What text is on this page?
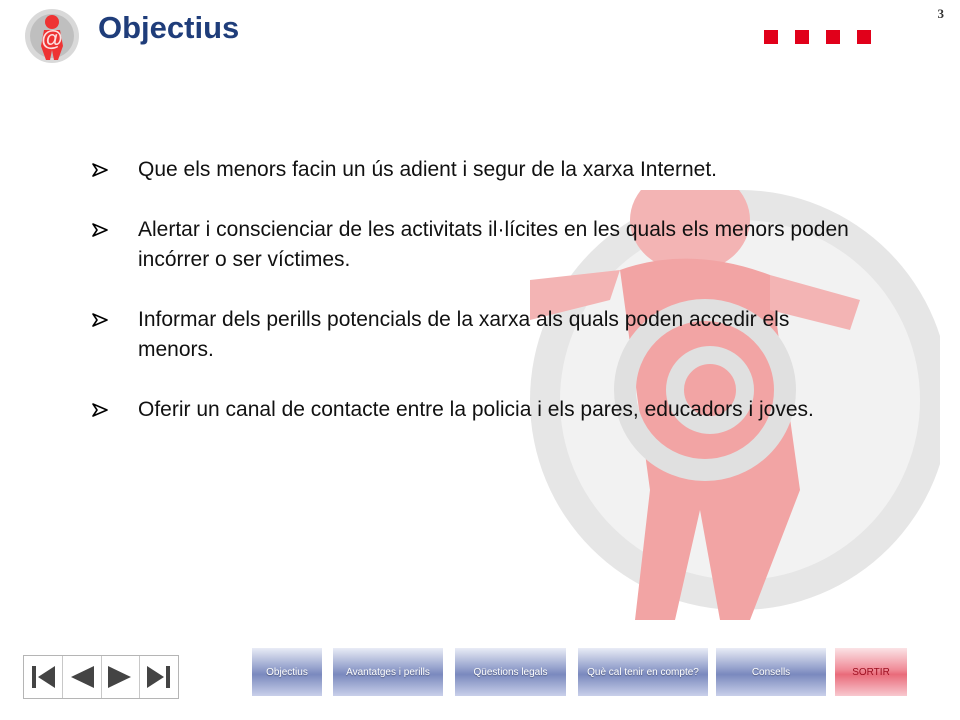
@ Objectius	3
Que els menors facin un ús adient i segur de la xarxa Internet.
Alertar i conscienciar de les activitats il·lícites en les quals els menors poden incórrer o ser víctimes.
Informar dels perills potencials de la xarxa als quals poden accedir els menors.
Oferir un canal de contacte entre la policia i els pares, educadors i joves.
Objectius	Avantatges i perills	Qüestions legals	Què cal tenir en compte?	Consells	SORTIR
